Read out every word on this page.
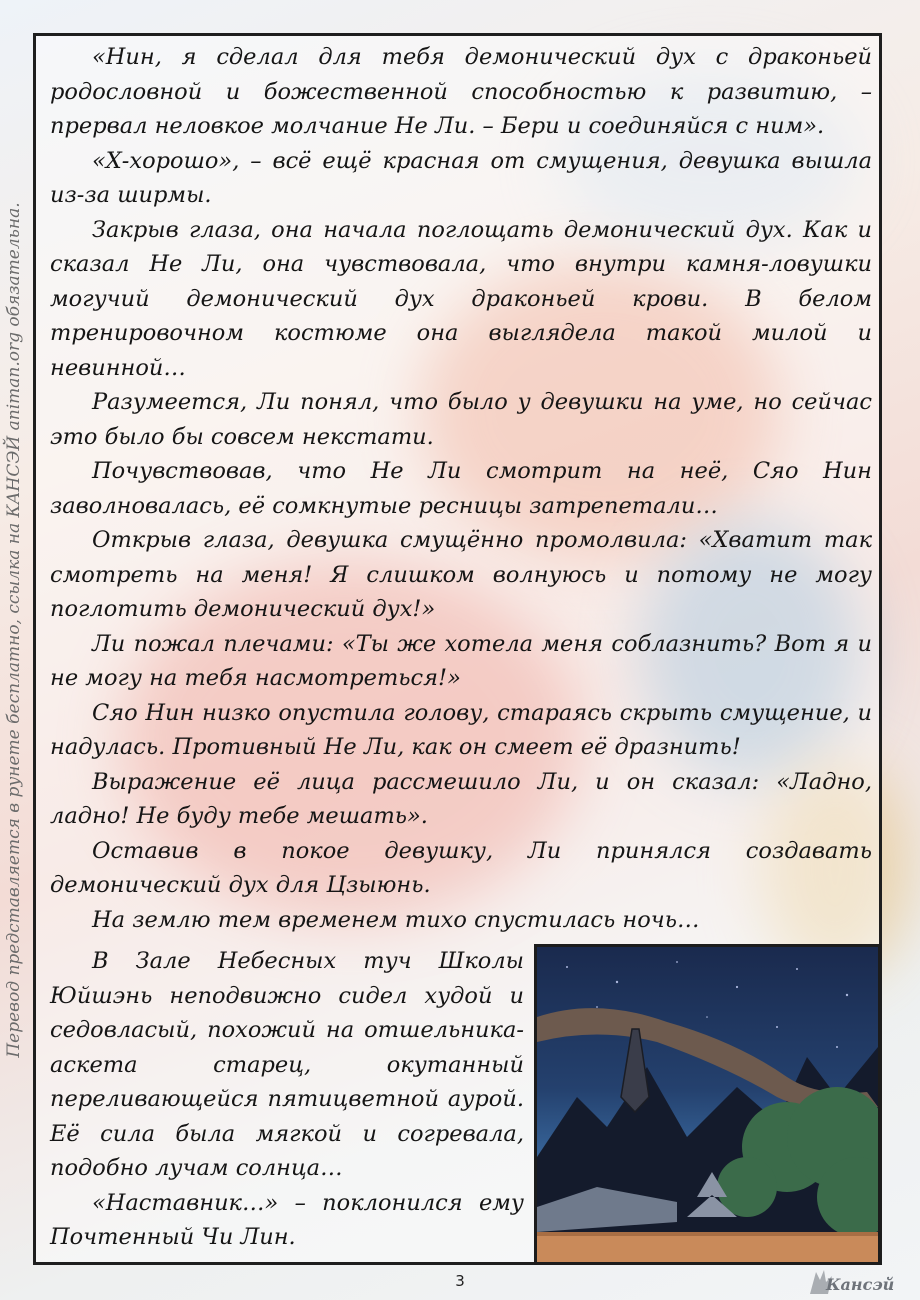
Перевод представляется в рунете бесплатно, ссылка на КАНСЭЙ animan.org обязательна.

«Нин, я сделал для тебя демонический дух с драконьей родословной и божественной способностью к развитию, – прервал неловкое молчание Не Ли. – Бери и соединяйся с ним».

«Х-хорошо», – всё ещё красная от смущения, девушка вышла из-за ширмы.

Закрыв глаза, она начала поглощать демонический дух. Как и сказал Не Ли, она чувствовала, что внутри камня-ловушки могучий демонический дух драконьей крови. В белом тренировочном костюме она выглядела такой милой и невинной…

Разумеется, Ли понял, что было у девушки на уме, но сейчас это было бы совсем некстати.

Почувствовав, что Не Ли смотрит на неё, Сяо Нин заволновалась, её сомкнутые ресницы затрепетали…

Открыв глаза, девушка смущённо промолвила: «Хватит так смотреть на меня! Я слишком волнуюсь и потому не могу поглотить демонический дух!»

Ли пожал плечами: «Ты же хотела меня соблазнить? Вот я и не могу на тебя насмотреться!»

Сяо Нин низко опустила голову, стараясь скрыть смущение, и надулась. Противный Не Ли, как он смеет её дразнить!

Выражение её лица рассмешило Ли, и он сказал: «Ладно, ладно! Не буду тебе мешать».

Оставив в покое девушку, Ли принялся создавать демонический дух для Цзыюнь.

На землю тем временем тихо спустилась ночь…

В Зале Небесных туч Школы Юйшэнь неподвижно сидел худой и седовласый, похожий на отшельника-аскета старец, окутанный переливающейся пятицветной аурой. Её сила была мягкой и согревала, подобно лучам солнца…

«Наставник…» – поклонился ему Почтенный Чи Лин.

3	Кансэй
